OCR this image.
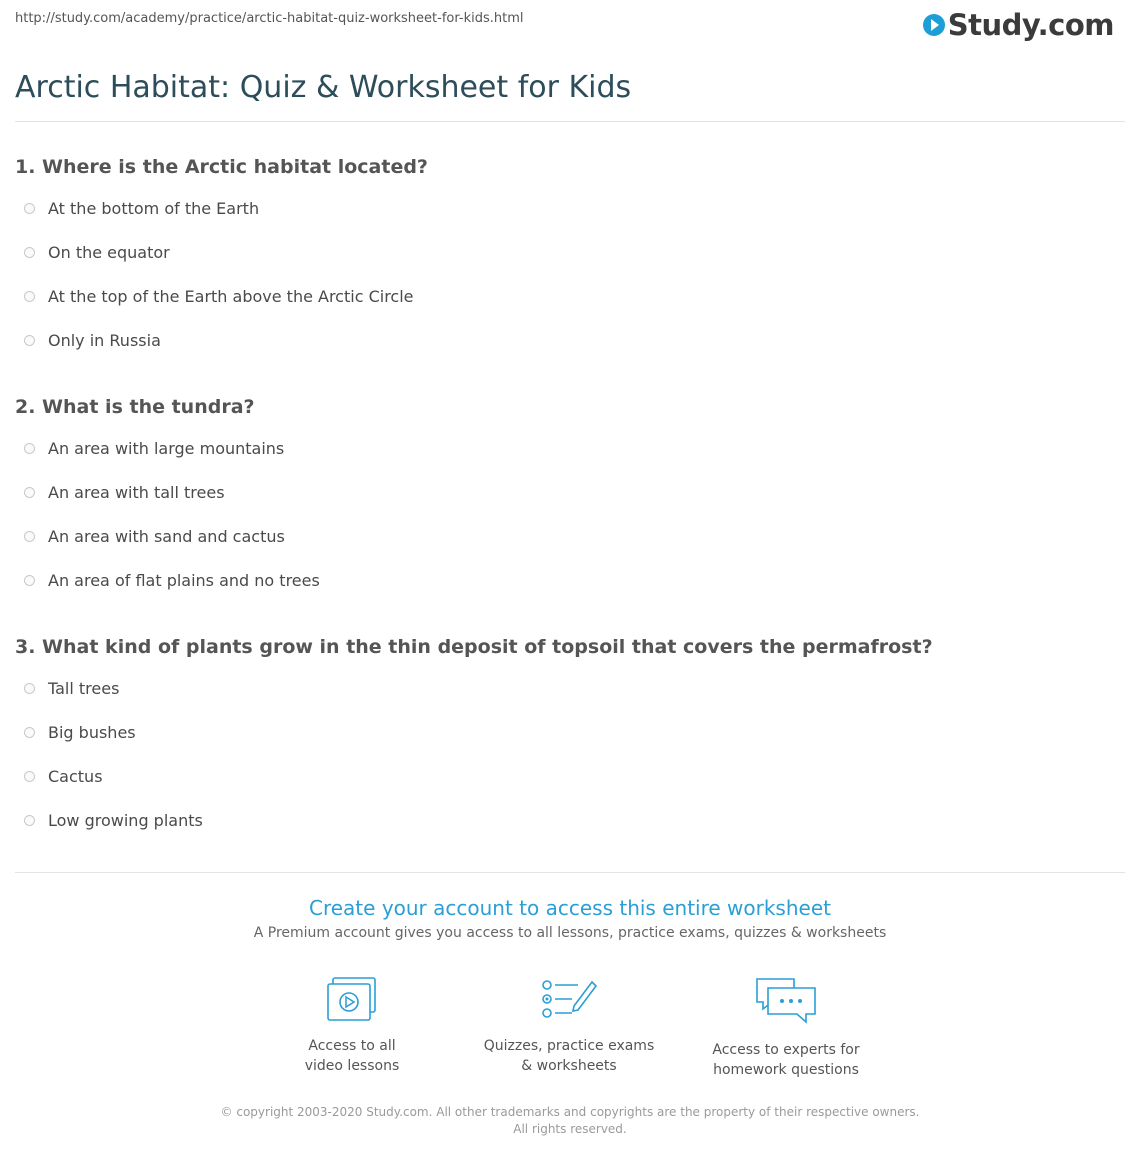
http://study.com/academy/practice/arctic-habitat-quiz-worksheet-for-kids.html	Study.com
Arctic Habitat: Quiz & Worksheet for Kids
1. Where is the Arctic habitat located?
At the bottom of the Earth
On the equator
At the top of the Earth above the Arctic Circle
Only in Russia
2. What is the tundra?
An area with large mountains
An area with tall trees
An area with sand and cactus
An area of flat plains and no trees
3. What kind of plants grow in the thin deposit of topsoil that covers the permafrost?
Tall trees
Big bushes
Cactus
Low growing plants
Create your account to access this entire worksheet
A Premium account gives you access to all lessons, practice exams, quizzes & worksheets
Access to all
video lessons
Quizzes, practice exams
& worksheets
Access to experts for
homework questions
© copyright 2003-2020 Study.com. All other trademarks and copyrights are the property of their respective owners. All rights reserved.
